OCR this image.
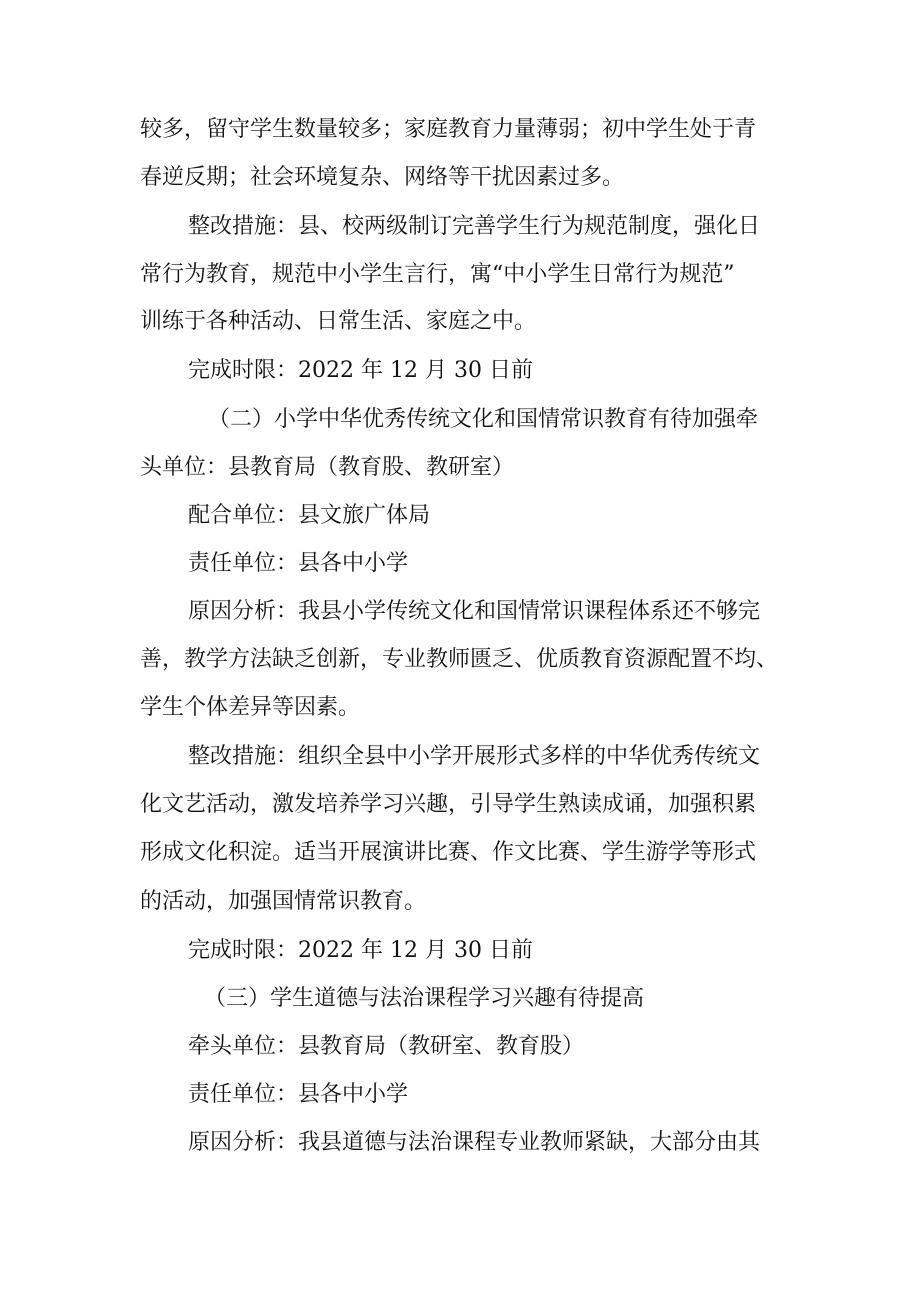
较多，留守学生数量较多；家庭教育力量薄弱；初中学生处于青

春逆反期；社会环境复杂、网络等干扰因素过多。

整改措施：县、校两级制订完善学生行为规范制度，强化日

常行为教育，规范中小学生言行，寓“中小学生日常行为规范”

训练于各种活动、日常生活、家庭之中。

完成时限：2022 年 12 月 30 日前

（二）小学中华优秀传统文化和国情常识教育有待加强牵

头单位：县教育局（教育股、教研室）

配合单位：县文旅广体局

责任单位：县各中小学

原因分析：我县小学传统文化和国情常识课程体系还不够完

善，教学方法缺乏创新，专业教师匮乏、优质教育资源配置不均、

学生个体差异等因素。

整改措施：组织全县中小学开展形式多样的中华优秀传统文

化文艺活动，激发培养学习兴趣，引导学生熟读成诵，加强积累

形成文化积淀。适当开展演讲比赛、作文比赛、学生游学等形式

的活动，加强国情常识教育。

完成时限：2022 年 12 月 30 日前

（三）学生道德与法治课程学习兴趣有待提高

牵头单位：县教育局（教研室、教育股）

责任单位：县各中小学

原因分析：我县道德与法治课程专业教师紧缺，大部分由其
